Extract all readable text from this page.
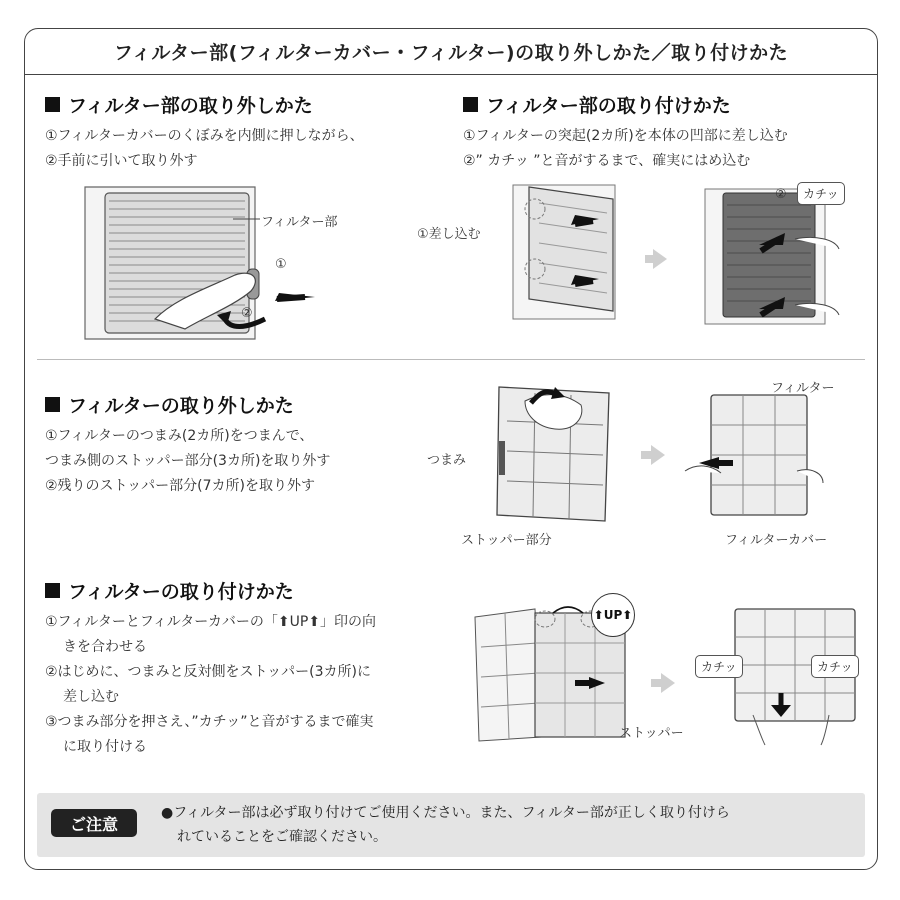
フィルター部(フィルターカバー・フィルター)の取り外しかた／取り付けかた
フィルター部の取り外しかた
①フィルターカバーのくぼみを内側に押しながら、
②手前に引いて取り外す
フィルター部
①
②
フィルター部の取り付けかた
①フィルターの突起(2カ所)を本体の凹部に差し込む
②” カチッ ”と音がするまで、確実にはめ込む
①差し込む
②	カチッ
フィルターの取り外しかた
①フィルターのつまみ(2カ所)をつまんで、
つまみ側のストッパー部分(3カ所)を取り外す
②残りのストッパー部分(7カ所)を取り外す
つまみ
ストッパー部分
フィルター
フィルターカバー
フィルターの取り付けかた
①フィルターとフィルターカバーの「⬆UP⬆」印の向
きを合わせる
②はじめに、つまみと反対側をストッパー(3カ所)に
差し込む
③つまみ部分を押さえ、”カチッ”と音がするまで確実
に取り付ける
⬆UP⬆
ストッパー
カチッ	カチッ
ご注意
●フィルター部は必ず取り付けてご使用ください。また、フィルター部が正しく取り付けら
れていることをご確認ください。
